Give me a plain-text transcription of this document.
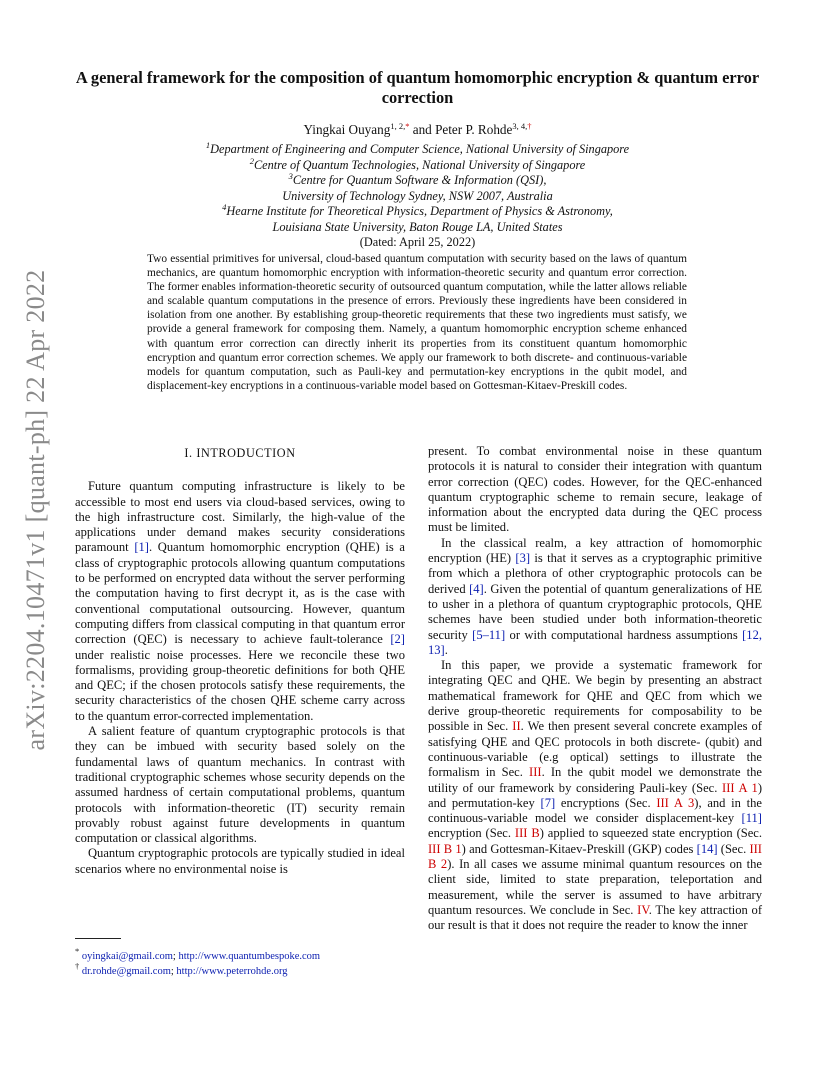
arXiv:2204.10471v1 [quant-ph] 22 Apr 2022
A general framework for the composition of quantum homomorphic encryption & quantum error correction
Yingkai Ouyang$^{1, 2,*}$ and Peter P. Rohde$^{3, 4,\dagger}$
$^1$Department of Engineering and Computer Science, National University of Singapore
$^2$Centre of Quantum Technologies, National University of Singapore
$^3$Centre for Quantum Software & Information (QSI),
University of Technology Sydney, NSW 2007, Australia
$^4$Hearne Institute for Theoretical Physics, Department of Physics & Astronomy,
Louisiana State University, Baton Rouge LA, United States
(Dated: April 25, 2022)
Two essential primitives for universal, cloud-based quantum computation with security based on the laws of quantum mechanics, are quantum homomorphic encryption with information-theoretic security and quantum error correction. The former enables information-theoretic security of outsourced quantum computation, while the latter allows reliable and scalable quantum computations in the presence of errors. Previously these ingredients have been considered in isolation from one another. By establishing group-theoretic requirements that these two ingredients must satisfy, we provide a general framework for composing them. Namely, a quantum homomorphic encryption scheme enhanced with quantum error correction can directly inherit its properties from its constituent quantum homomorphic encryption and quantum error correction schemes. We apply our framework to both discrete- and continuous-variable models for quantum computation, such as Pauli-key and permutation-key encryptions in the qubit model, and displacement-key encryptions in a continuous-variable model based on Gottesman-Kitaev-Preskill codes.
I. INTRODUCTION

Future quantum computing infrastructure is likely to be accessible to most end users via cloud-based services, owing to the high infrastructure cost. Similarly, the high-value of the applications under demand makes security considerations paramount [1]. Quantum homomorphic encryption (QHE) is a class of cryptographic protocols allowing quantum computations to be performed on encrypted data without the server performing the computation having to first decrypt it, as is the case with conventional computational outsourcing. However, quantum computing differs from classical computing in that quantum error correction (QEC) is necessary to achieve fault-tolerance [2] under realistic noise processes. Here we reconcile these two formalisms, providing group-theoretic definitions for both QHE and QEC; if the chosen protocols satisfy these requirements, the security characteristics of the chosen QHE scheme carry across to the quantum error-corrected implementation.

A salient feature of quantum cryptographic protocols is that they can be imbued with security based solely on the fundamental laws of quantum mechanics. In contrast with traditional cryptographic schemes whose security depends on the assumed hardness of certain computational problems, quantum protocols with information-theoretic (IT) security remain provably robust against future developments in quantum computation or classical algorithms.

Quantum cryptographic protocols are typically studied in ideal scenarios where no environmental noise is

* oyingkai@gmail.com; http://www.quantumbespoke.com
† dr.rohde@gmail.com; http://www.peterrohde.org

present. To combat environmental noise in these quantum protocols it is natural to consider their integration with quantum error correction (QEC) codes. However, for the QEC-enhanced quantum cryptographic scheme to remain secure, leakage of information about the encrypted data during the QEC process must be limited.

In the classical realm, a key attraction of homomorphic encryption (HE) [3] is that it serves as a cryptographic primitive from which a plethora of other cryptographic protocols can be derived [4]. Given the potential of quantum generalizations of HE to usher in a plethora of quantum cryptographic protocols, QHE schemes have been studied under both information-theoretic security [5–11] or with computational hardness assumptions [12, 13].

In this paper, we provide a systematic framework for integrating QEC and QHE. We begin by presenting an abstract mathematical framework for QHE and QEC from which we derive group-theoretic requirements for composability to be possible in Sec. II. We then present several concrete examples of satisfying QHE and QEC protocols in both discrete- (qubit) and continuous-variable (e.g optical) settings to illustrate the formalism in Sec. III. In the qubit model we demonstrate the utility of our framework by considering Pauli-key (Sec. III A 1) and permutation-key [7] encryptions (Sec. III A 3), and in the continuous-variable model we consider displacement-key [11] encryption (Sec. III B) applied to squeezed state encryption (Sec. III B 1) and Gottesman-Kitaev-Preskill (GKP) codes [14] (Sec. III B 2). In all cases we assume minimal quantum resources on the client side, limited to state preparation, teleportation and measurement, while the server is assumed to have arbitrary quantum resources. We conclude in Sec. IV. The key attraction of our result is that it does not require the reader to know the inner
